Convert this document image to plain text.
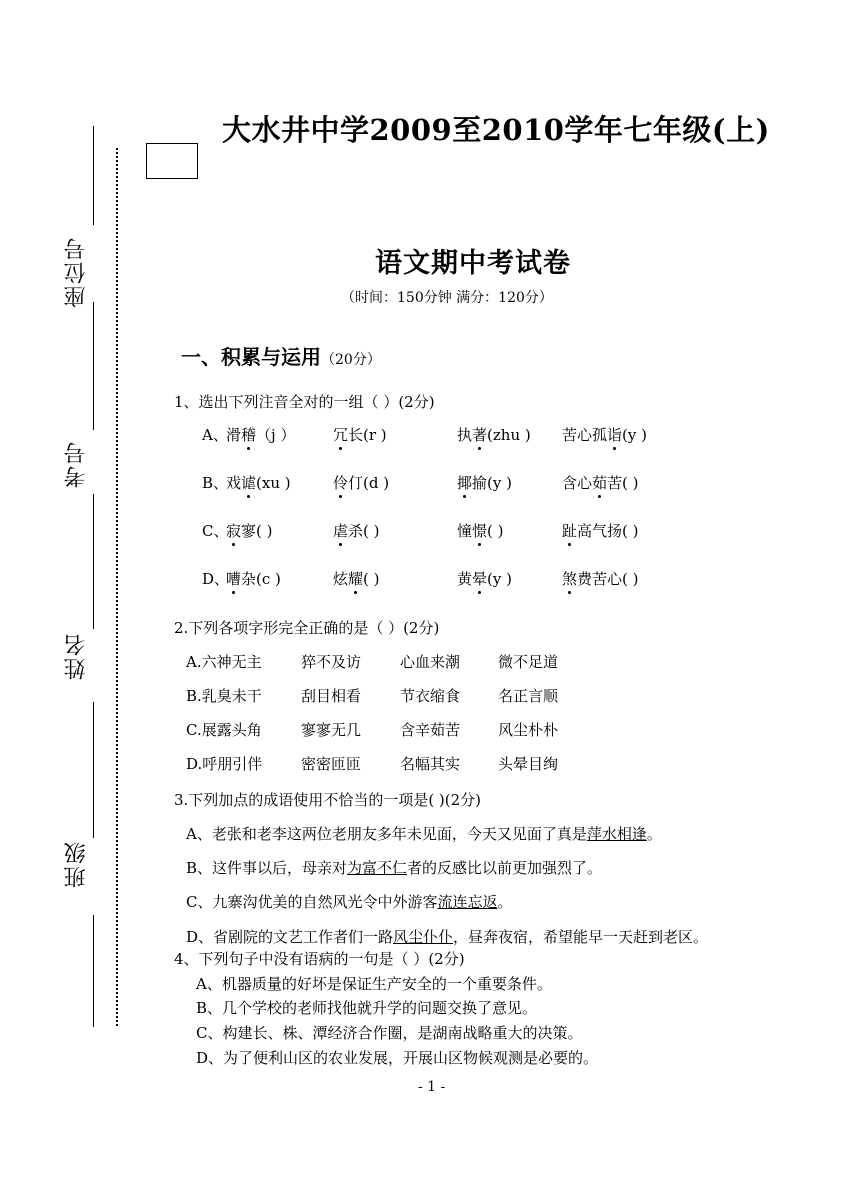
座位号
考号
姓名
班级
大水井中学2009至2010学年七年级(上)
语文期中考试卷
（时间：150分钟 满分：120分）
一、积累与运用（20分）
1、选出下列注音全对的一组（ ）(2分)
A、
滑稽（j ）	冗长(r )	执著(zhu ) 苦心孤诣(y )
B、
戏谑(xu )	伶仃(d )	揶揄(y )	含心茹苦( )
C、
寂寥( )	虐杀( )	憧憬( )	趾高气扬( )
D、
嘈杂(c )	炫耀( )	黄晕(y )	煞费苦心( )
2.下列各项字形完全正确的是（ ）(2分)
A.六神无主	猝不及访	心血来潮	微不足道
B.乳臭未干	刮目相看	节衣缩食	名正言顺
C.展露头角	寥寥无几	含辛茹苦	风尘朴朴
D.呼朋引伴	密密匝匝	名幅其实	头晕目绚
3.下列加点的成语使用不恰当的一项是( )(2分)
A、老张和老李这两位老朋友多年未见面，今天又见面了真是萍水相逢。
B、这件事以后，母亲对为富不仁者的反感比以前更加强烈了。
C、九寨沟优美的自然风光令中外游客流连忘返。
D、省剧院的文艺工作者们一路风尘仆仆，昼奔夜宿，希望能早一天赶到老区。
4、下列句子中没有语病的一句是（ ）(2分)
A、机器质量的好坏是保证生产安全的一个重要条件。
B、几个学校的老师找他就升学的问题交换了意见。
C、构建长、株、潭经济合作圈，是湖南战略重大的决策。
D、为了便利山区的农业发展，开展山区物候观测是必要的。
- 1 -
